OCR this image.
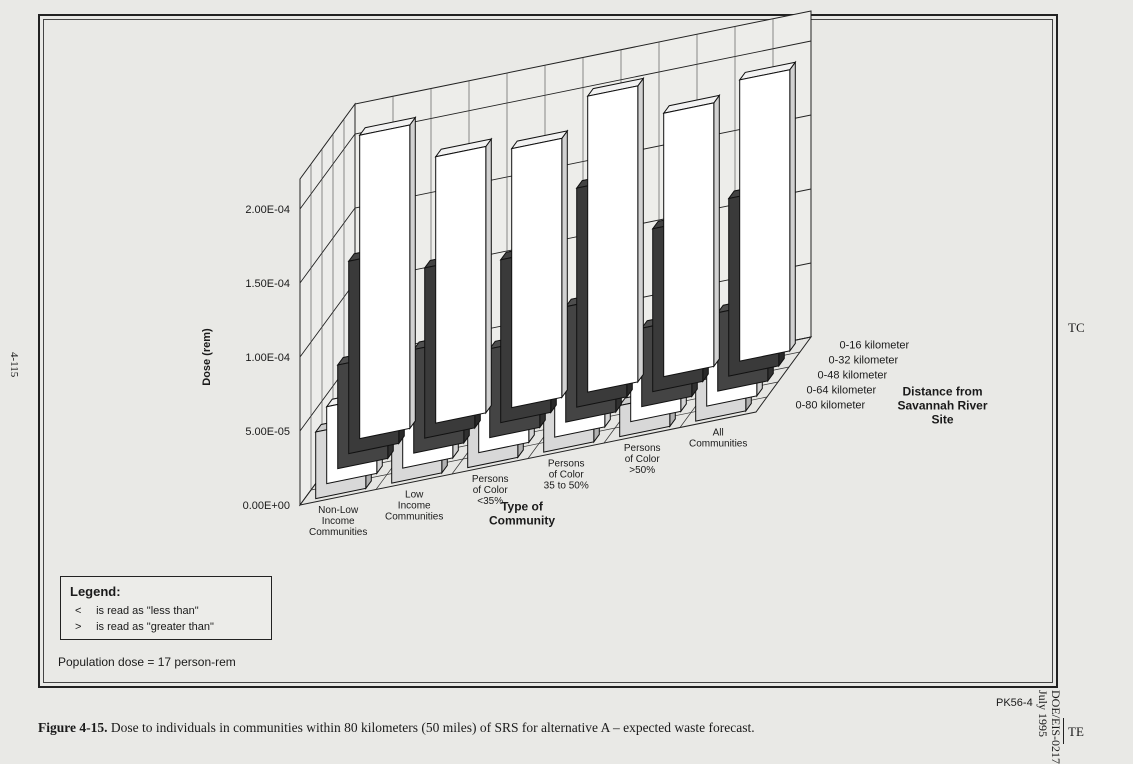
0.00E+00
5.00E-05
1.00E-04
1.50E-04
2.00E-04
Dose (rem)
Non-Low
Income
Communities
Low
Income
Communities
Persons
of Color
<35%
Persons
of Color
35 to 50%
Persons
of Color
>50%
All
Communities
0-16 kilometer
0-32 kilometer
0-48 kilometer
0-64 kilometer
0-80 kilometer
Type of
Community
Distance from
Savannah River
Site
Legend:
< is read as "less than"
> is read as "greater than"
Population dose = 17 person-rem
PK56-4
Figure 4-15. Dose to individuals in communities within 80 kilometers (50 miles) of SRS for alternative A – expected waste forecast.
TC
TE
DOE/EIS-0217
July 1995
4-115
